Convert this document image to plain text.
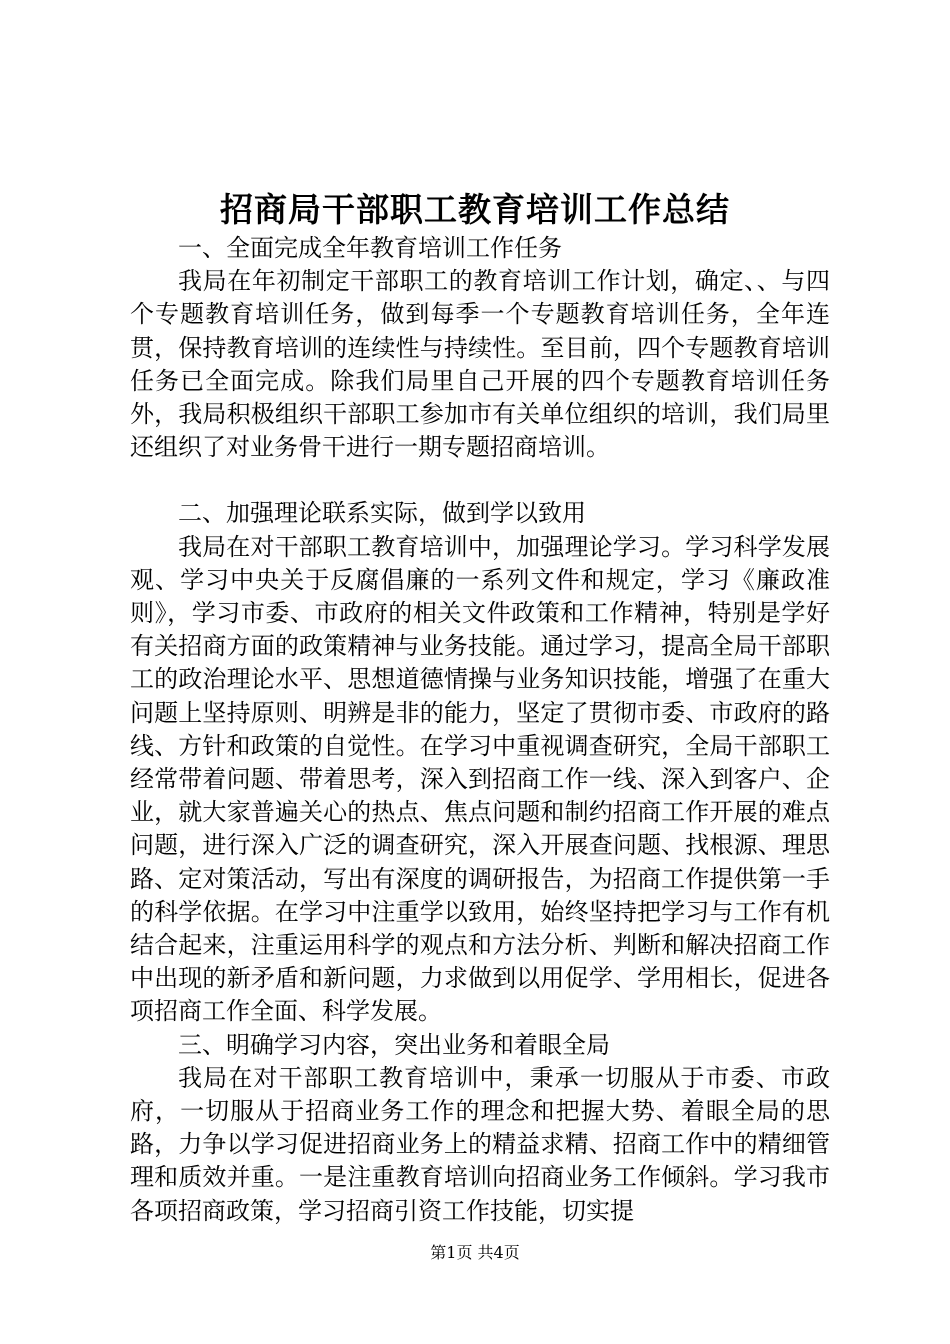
招商局干部职工教育培训工作总结

一、全面完成全年教育培训工作任务

我局在年初制定干部职工的教育培训工作计划，确定、、与四个专题教育培训任务，做到每季一个专题教育培训任务，全年连贯，保持教育培训的连续性与持续性。至目前，四个专题教育培训任务已全面完成。除我们局里自己开展的四个专题教育培训任务外，我局积极组织干部职工参加市有关单位组织的培训，我们局里还组织了对业务骨干进行一期专题招商培训。

二、加强理论联系实际，做到学以致用

我局在对干部职工教育培训中，加强理论学习。学习科学发展观、学习中央关于反腐倡廉的一系列文件和规定，学习《廉政准则》，学习市委、市政府的相关文件政策和工作精神，特别是学好有关招商方面的政策精神与业务技能。通过学习，提高全局干部职工的政治理论水平、思想道德情操与业务知识技能，增强了在重大问题上坚持原则、明辨是非的能力，坚定了贯彻市委、市政府的路线、方针和政策的自觉性。在学习中重视调查研究，全局干部职工经常带着问题、带着思考，深入到招商工作一线、深入到客户、企业，就大家普遍关心的热点、焦点问题和制约招商工作开展的难点问题，进行深入广泛的调查研究，深入开展查问题、找根源、理思路、定对策活动，写出有深度的调研报告，为招商工作提供第一手的科学依据。在学习中注重学以致用，始终坚持把学习与工作有机结合起来，注重运用科学的观点和方法分析、判断和解决招商工作中出现的新矛盾和新问题，力求做到以用促学、学用相长，促进各项招商工作全面、科学发展。

三、明确学习内容，突出业务和着眼全局

我局在对干部职工教育培训中，秉承一切服从于市委、市政府，一切服从于招商业务工作的理念和把握大势、着眼全局的思路，力争以学习促进招商业务上的精益求精、招商工作中的精细管理和质效并重。一是注重教育培训向招商业务工作倾斜。学习我市各项招商政策，学习招商引资工作技能，切实提

第1页 共4页
